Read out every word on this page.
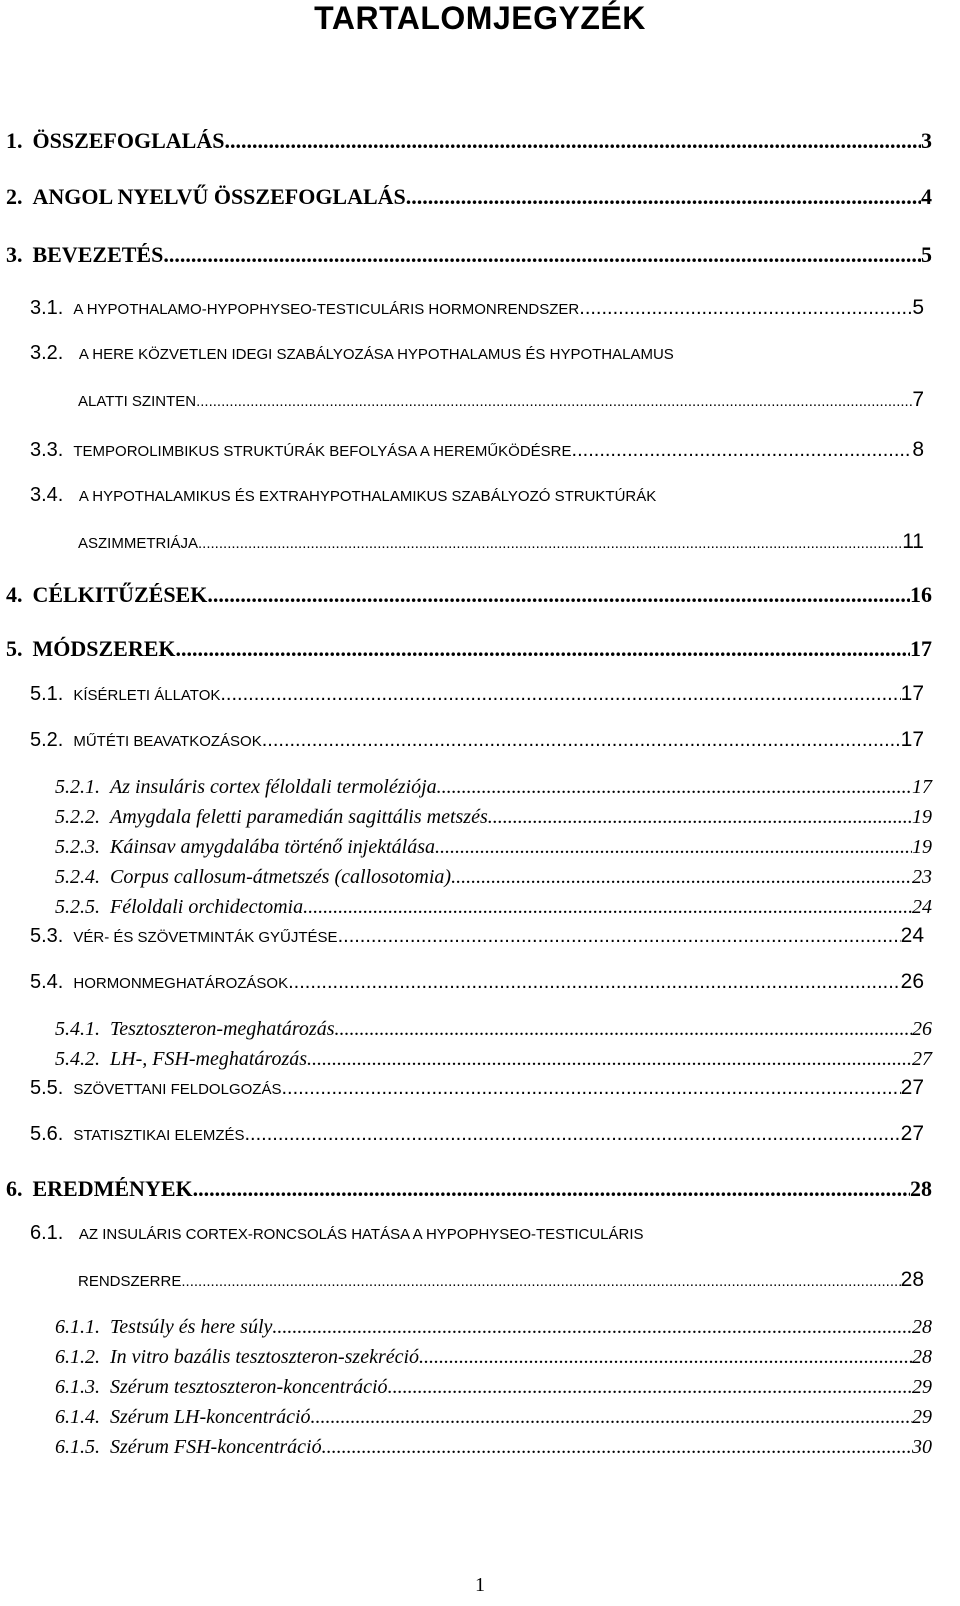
TARTALOMJEGYZÉK
1. ÖSSZEFOGLALÁS .....	3
2. ANGOL NYELVŰ ÖSSZEFOGLALÁS .....	4
3. BEVEZETÉS .....	5
3.1. A HYPOTHALAMO-HYPOPHYSEO-TESTICULÁRIS HORMONRENDSZER .....	5
3.2. A HERE KÖZVETLEN IDEGI SZABÁLYOZÁSA HYPOTHALAMUS ÉS HYPOTHALAMUS
ALATTI SZINTEN .....	7
3.3. TEMPOROLIMBIKUS STRUKTÚRÁK BEFOLYÁSA A HEREMŰKÖDÉSRE .....	8
3.4. A HYPOTHALAMIKUS ÉS EXTRAHYPOTHALAMIKUS SZABÁLYOZÓ STRUKTÚRÁK
ASZIMMETRIÁJA .....	11
4. CÉLKITŰZÉSEK .....	16
5. MÓDSZEREK .....	17
5.1. KÍSÉRLETI ÁLLATOK .....	17
5.2. MŰTÉTI BEAVATKOZÁSOK .....	17
5.2.1. Az insuláris cortex féloldali termoléziója .....	17
5.2.2. Amygdala feletti paramedián sagittális metszés .....	19
5.2.3. Káinsav amygdalába történő injektálása .....	19
5.2.4. Corpus callosum-átmetszés (callosotomia) .....	23
5.2.5. Féloldali orchidectomia .....	24
5.3. VÉR- ÉS SZÖVETMINTÁK GYŰJTÉSE .....	24
5.4. HORMONMEGHATÁROZÁSOK .....	26
5.4.1. Tesztoszteron-meghatározás .....	26
5.4.2. LH-, FSH-meghatározás .....	27
5.5. SZÖVETTANI FELDOLGOZÁS .....	27
5.6. STATISZTIKAI ELEMZÉS .....	27
6. EREDMÉNYEK .....	28
6.1. AZ INSULÁRIS CORTEX-RONCSOLÁS HATÁSA A HYPOPHYSEO-TESTICULÁRIS
RENDSZERRE .....	28
6.1.1. Testsúly és here súly .....	28
6.1.2. In vitro bazális tesztoszteron-szekréció .....	28
6.1.3. Szérum tesztoszteron-koncentráció .....	29
6.1.4. Szérum LH-koncentráció .....	29
6.1.5. Szérum FSH-koncentráció .....	30
1
